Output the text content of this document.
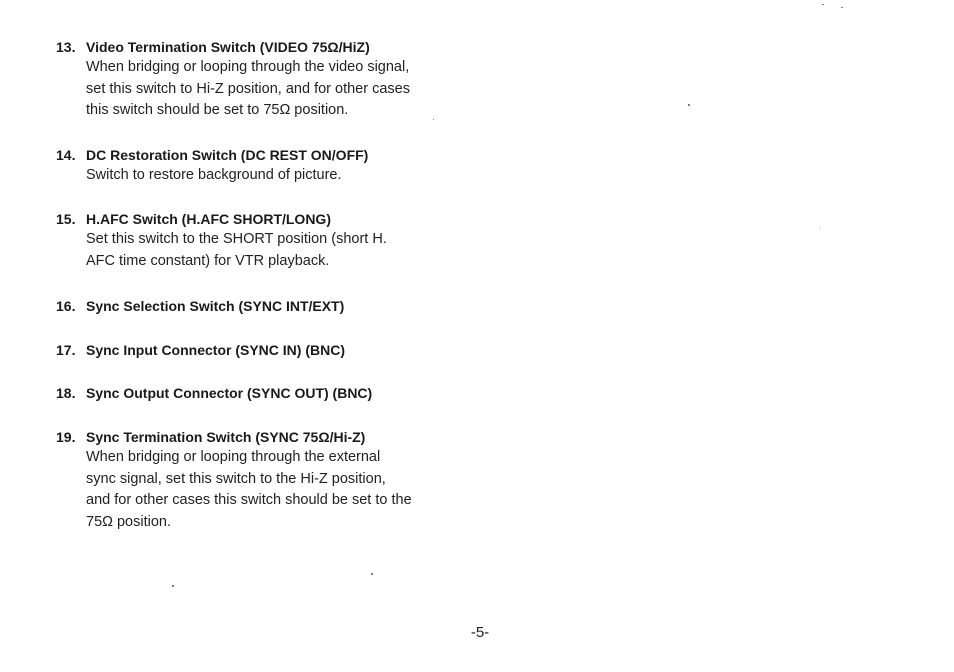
13. Video Termination Switch (VIDEO 75Ω/HiZ)
When bridging or looping through the video signal,
set this switch to Hi-Z position, and for other cases
this switch should be set to 75Ω position.
14. DC Restoration Switch (DC REST ON/OFF)
Switch to restore background of picture.
15. H.AFC Switch (H.AFC SHORT/LONG)
Set this switch to the SHORT position (short H.
AFC time constant) for VTR playback.
16. Sync Selection Switch (SYNC INT/EXT)
17. Sync Input Connector (SYNC IN) (BNC)
18. Sync Output Connector (SYNC OUT) (BNC)
19. Sync Termination Switch (SYNC 75Ω/Hi-Z)
When bridging or looping through the external
sync signal, set this switch to the Hi-Z position,
and for other cases this switch should be set to the
75Ω position.
-5-
